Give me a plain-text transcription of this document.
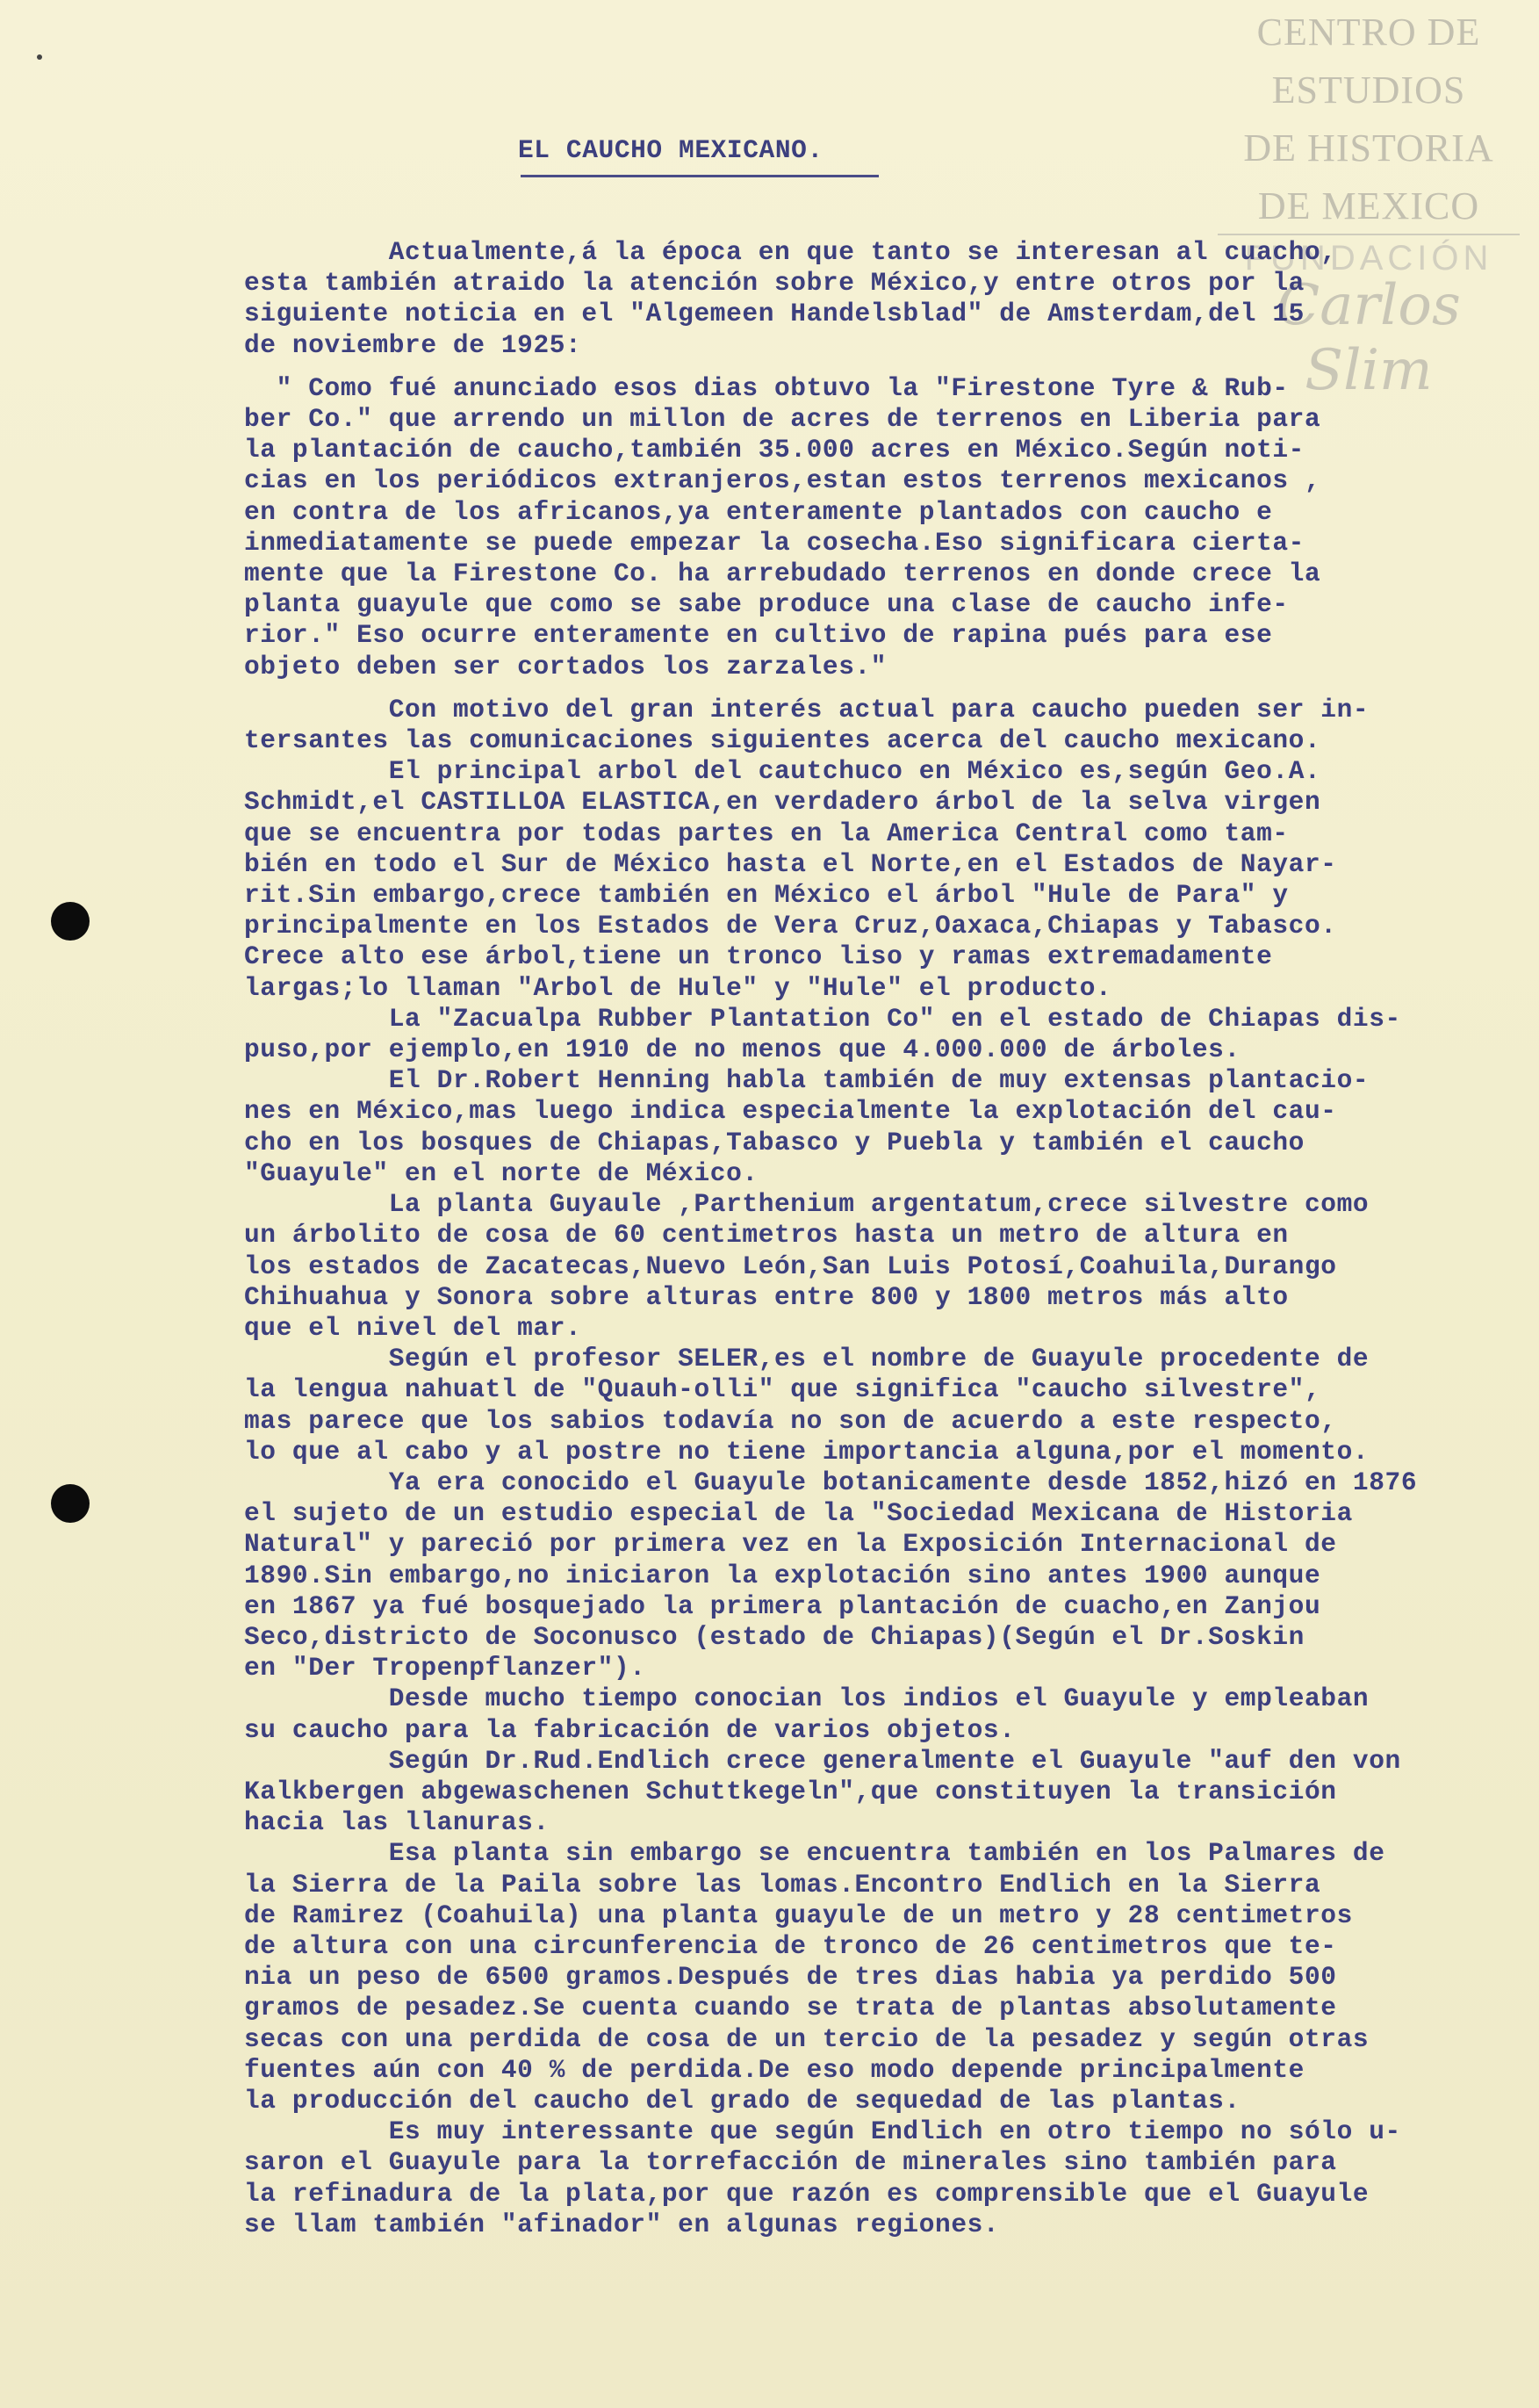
CENTRO DE
ESTUDIOS
DE HISTORIA
DE MEXICO
FUNDACIÓN
Carlos Slim
EL CAUCHO MEXICANO.

Actualmente,á la época en que tanto se interesan al cuacho,
esta también atraido la atención sobre México,y entre otros por la
siguiente noticia en el "Algemeen Handelsblad" de Amsterdam,del 15
de noviembre de 1925:

" Como fué anunciado esos dias obtuvo la "Firestone Tyre & Rub-
ber Co." que arrendo un millon de acres de terrenos en Liberia para
la plantación de caucho,también 35.000 acres en México.Según noti-
cias en los periódicos extranjeros,estan estos terrenos mexicanos ,
en contra de los africanos,ya enteramente plantados con caucho e
inmediatamente se puede empezar la cosecha.Eso significara cierta-
mente que la Firestone Co. ha arrebudado terrenos en donde crece la
planta guayule que como se sabe produce una clase de caucho infe-
rior." Eso ocurre enteramente en cultivo de rapina pués para ese
objeto deben ser cortados los zarzales."

Con motivo del gran interés actual para caucho pueden ser in-
tersantes las comunicaciones siguientes acerca del caucho mexicano.

El principal arbol del cautchuco en México es,según Geo.A.
Schmidt,el CASTILLOA ELASTICA,en verdadero árbol de la selva virgen
que se encuentra por todas partes en la America Central como tam-
bién en todo el Sur de México hasta el Norte,en el Estados de Nayar-
rit.Sin embargo,crece también en México el árbol "Hule de Para" y
principalmente en los Estados de Vera Cruz,Oaxaca,Chiapas y Tabasco.
Crece alto ese árbol,tiene un tronco liso y ramas extremadamente
largas;lo llaman "Arbol de Hule" y "Hule" el producto.

La "Zacualpa Rubber Plantation Co" en el estado de Chiapas dis-
puso,por ejemplo,en 1910 de no menos que 4.000.000 de árboles.

El Dr.Robert Henning habla también de muy extensas plantacio-
nes en México,mas luego indica especialmente la explotación del cau-
cho en los bosques de Chiapas,Tabasco y Puebla y también el caucho
"Guayule" en el norte de México.

La planta Guyaule ,Parthenium argentatum,crece silvestre como
un árbolito de cosa de 60 centimetros hasta un metro de altura en
los estados de Zacatecas,Nuevo León,San Luis Potosí,Coahuila,Durango
Chihuahua y Sonora sobre alturas entre 800 y 1800 metros más alto
que el nivel del mar.

Según el profesor SELER,es el nombre de Guayule procedente de
la lengua nahuatl de "Quauh-olli" que significa "caucho silvestre",
mas parece que los sabios todavía no son de acuerdo a este respecto,
lo que al cabo y al postre no tiene importancia alguna,por el momento.

Ya era conocido el Guayule botanicamente desde 1852,hizó en 1876
el sujeto de un estudio especial de la "Sociedad Mexicana de Historia
Natural" y pareció por primera vez en la Exposición Internacional de
1890.Sin embargo,no iniciaron la explotación sino antes 1900 aunque
en 1867 ya fué bosquejado la primera plantación de cuacho,en Zanjou
Seco,districto de Soconusco (estado de Chiapas)(Según el Dr.Soskin
en "Der Tropenpflanzer").

Desde mucho tiempo conocian los indios el Guayule y empleaban
su caucho para la fabricación de varios objetos.

Según Dr.Rud.Endlich crece generalmente el Guayule "auf den von
Kalkbergen abgewaschenen Schuttkegeln",que constituyen la transición
hacia las llanuras.

Esa planta sin embargo se encuentra también en los Palmares de
la Sierra de la Paila sobre las lomas.Encontro Endlich en la Sierra
de Ramirez (Coahuila) una planta guayule de un metro y 28 centimetros
de altura con una circunferencia de tronco de 26 centimetros que te-
nia un peso de 6500 gramos.Después de tres dias habia ya perdido 500
gramos de pesadez.Se cuenta cuando se trata de plantas absolutamente
secas con una perdida de cosa de un tercio de la pesadez y según otras
fuentes aún con 40 % de perdida.De eso modo depende principalmente
la producción del caucho del grado de sequedad de las plantas.

Es muy interessante que según Endlich en otro tiempo no sólo u-
saron el Guayule para la torrefacción de minerales sino también para
la refinadura de la plata,por que razón es comprensible que el Guayule
se llam también "afinador" en algunas regiones.
